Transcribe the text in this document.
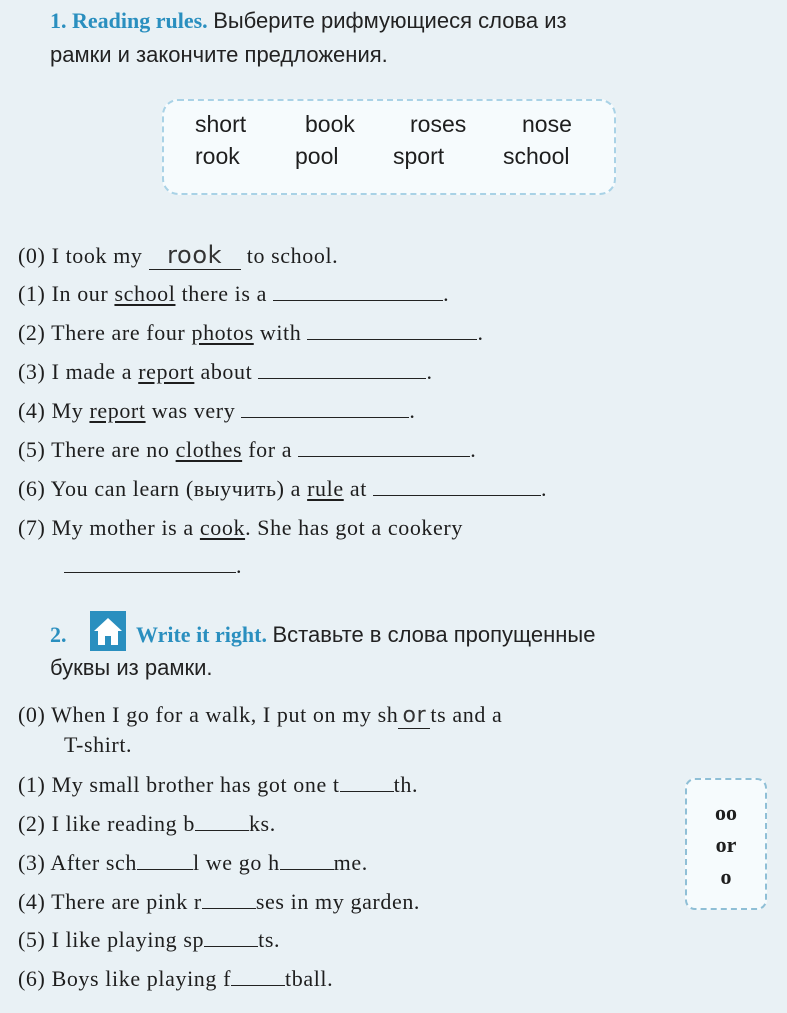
1. Reading rules. Выберите рифмующиеся слова из
рамки и закончите предложения.
short	book roses nose
rook pool sport	school
(0) I took my rook to school.
(1) In our school there is a	.
(2) There are four photos with	.
(3) I made a report about	.
(4) My report was very	.
(5) There are no clothes for a	.
(6) You can learn (выучить) a rule at	.
(7) My mother is a cook. She has got a cookery
.
2.	Write it right. Вставьте в слова пропущенные
буквы из рамки.
(0) When I go for a walk, I put on my sh or ts and a
T-shirt.
(1) My small brother has got one t th.
(2) I like reading b ks.
(3) After sch	l we go h me.
(4) There are pink r ses in my garden.
(5) I like playing sp ts.
(6) Boys like playing f tball.
oo
or
o
